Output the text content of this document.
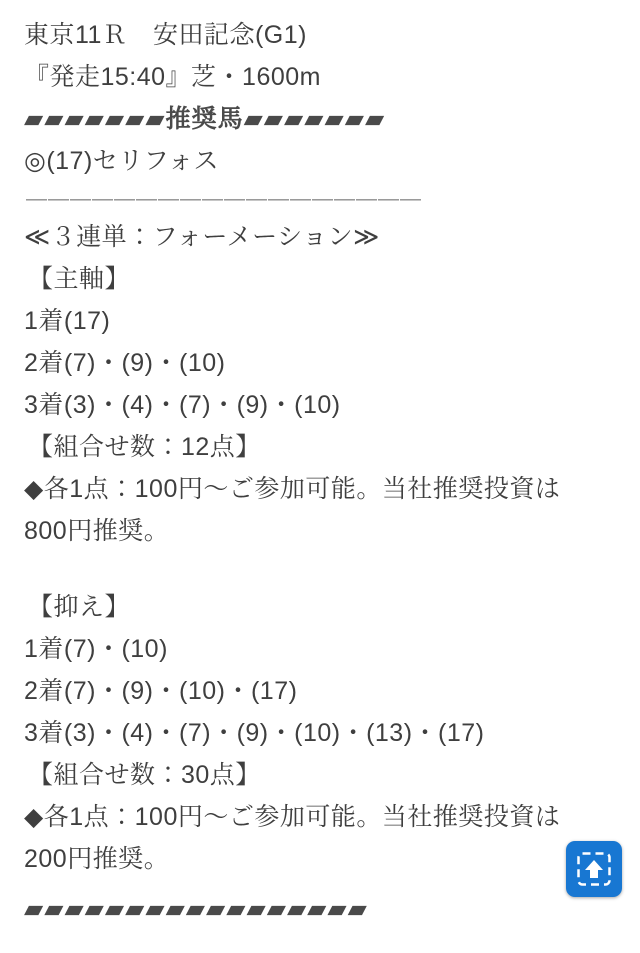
東京11Ｒ　安田記念(G1)
『発走15:40』芝・1600m
▰▰▰▰▰▰▰推奨馬▰▰▰▰▰▰▰
◎(17)セリフォス
――――――――――――――――――
≪３連単：フォーメーション≫
【主軸】
1着(17)
2着(7)・(9)・(10)
3着(3)・(4)・(7)・(9)・(10)
【組合せ数：12点】
◆各1点：100円〜ご参加可能。当社推奨投資は
800円推奨。
【抑え】
1着(7)・(10)
2着(7)・(9)・(10)・(17)
3着(3)・(4)・(7)・(9)・(10)・(13)・(17)
【組合せ数：30点】
◆各1点：100円〜ご参加可能。当社推奨投資は
200円推奨。
▰▰▰▰▰▰▰▰▰▰▰▰▰▰▰▰▰
